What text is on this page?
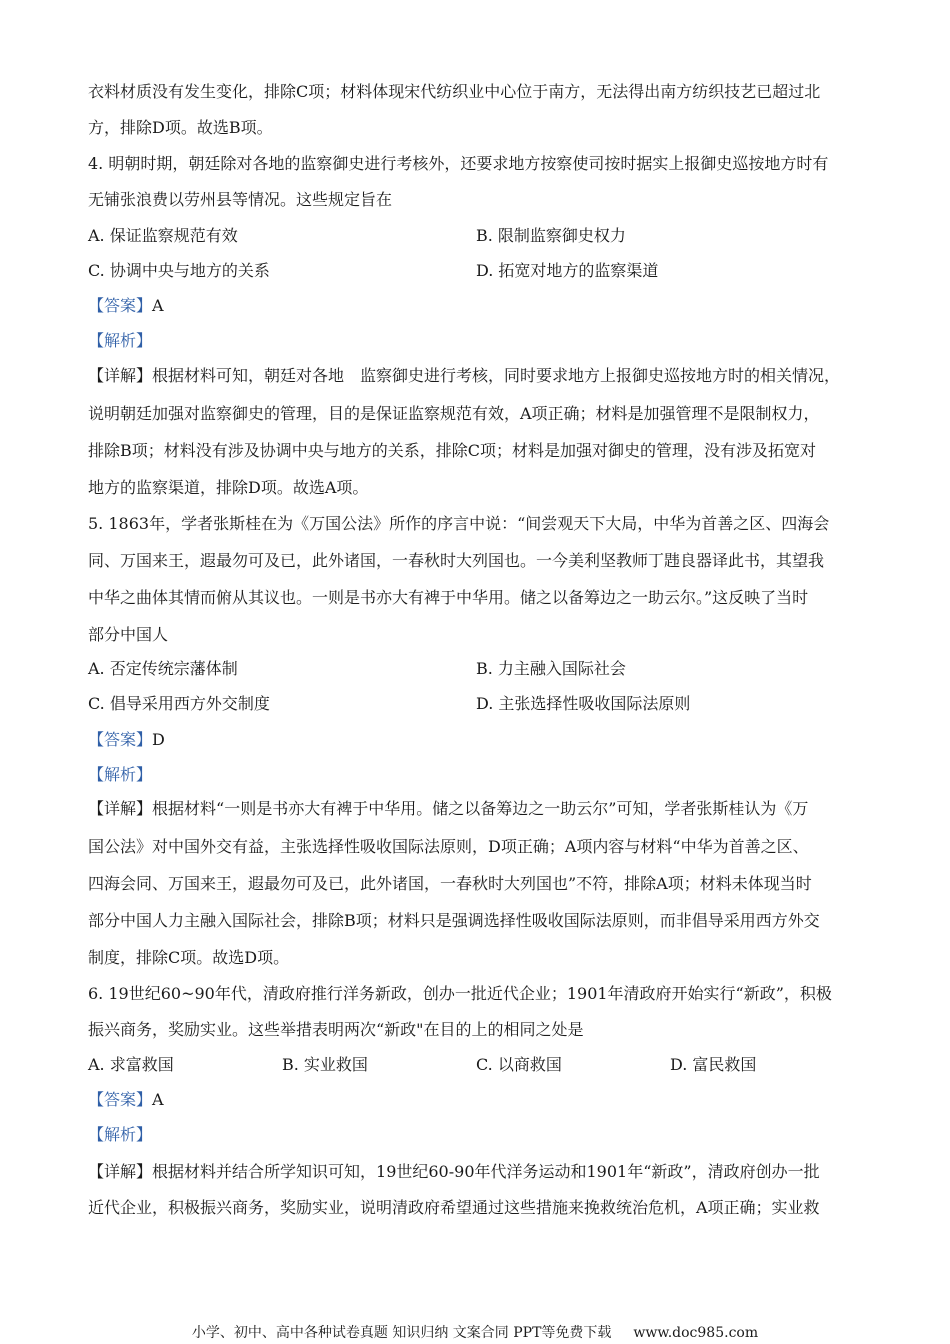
衣料材质没有发生变化，排除C项；材料体现宋代纺织业中心位于南方，无法得出南方纺织技艺已超过北
方，排除D项。故选B项。
4. 明朝时期，朝廷除对各地的监察御史进行考核外，还要求地方按察使司按时据实上报御史巡按地方时有
无铺张浪费以劳州县等情况。这些规定旨在
A. 保证监察规范有效	B. 限制监察御史权力
C. 协调中央与地方的关系	D. 拓宽对地方的监察渠道
【答案】A
【解析】
【详解】根据材料可知，朝廷对各地　监察御史进行考核，同时要求地方上报御史巡按地方时的相关情况，
说明朝廷加强对监察御史的管理，目的是保证监察规范有效，A项正确；材料是加强管理不是限制权力，
排除B项；材料没有涉及协调中央与地方的关系，排除C项；材料是加强对御史的管理，没有涉及拓宽对
地方的监察渠道，排除D项。故选A项。
5. 1863年，学者张斯桂在为《万国公法》所作的序言中说：“间尝观天下大局，中华为首善之区、四海会
同、万国来王，遐最勿可及已，此外诸国，一春秋时大列国也。一今美利坚教师丁韪良器译此书，其望我
中华之曲体其情而俯从其议也。一则是书亦大有裨于中华用。储之以备筹边之一助云尔。”这反映了当时
部分中国人
A. 否定传统宗藩体制	B. 力主融入国际社会
C. 倡导采用西方外交制度	D. 主张选择性吸收国际法原则
【答案】D
【解析】
【详解】根据材料“一则是书亦大有裨于中华用。储之以备筹边之一助云尔”可知，学者张斯桂认为《万
国公法》对中国外交有益，主张选择性吸收国际法原则，D项正确；A项内容与材料“中华为首善之区、
四海会同、万国来王，遐最勿可及已，此外诸国，一春秋时大列国也”不符，排除A项；材料未体现当时
部分中国人力主融入国际社会，排除B项；材料只是强调选择性吸收国际法原则，而非倡导采用西方外交
制度，排除C项。故选D项。
6. 19世纪60~90年代，清政府推行洋务新政，创办一批近代企业；1901年清政府开始实行“新政”，积极
振兴商务，奖励实业。这些举措表明两次“新政"在目的上的相同之处是
A. 求富救国	B. 实业救国	C. 以商救国	D. 富民救国
【答案】A
【解析】
【详解】根据材料并结合所学知识可知，19世纪60-90年代洋务运动和1901年“新政”，清政府创办一批
近代企业，积极振兴商务，奖励实业，说明清政府希望通过这些措施来挽救统治危机，A项正确；实业救
小学、初中、高中各种试卷真题 知识归纳 文案合同 PPT等免费下载 www.doc985.com
